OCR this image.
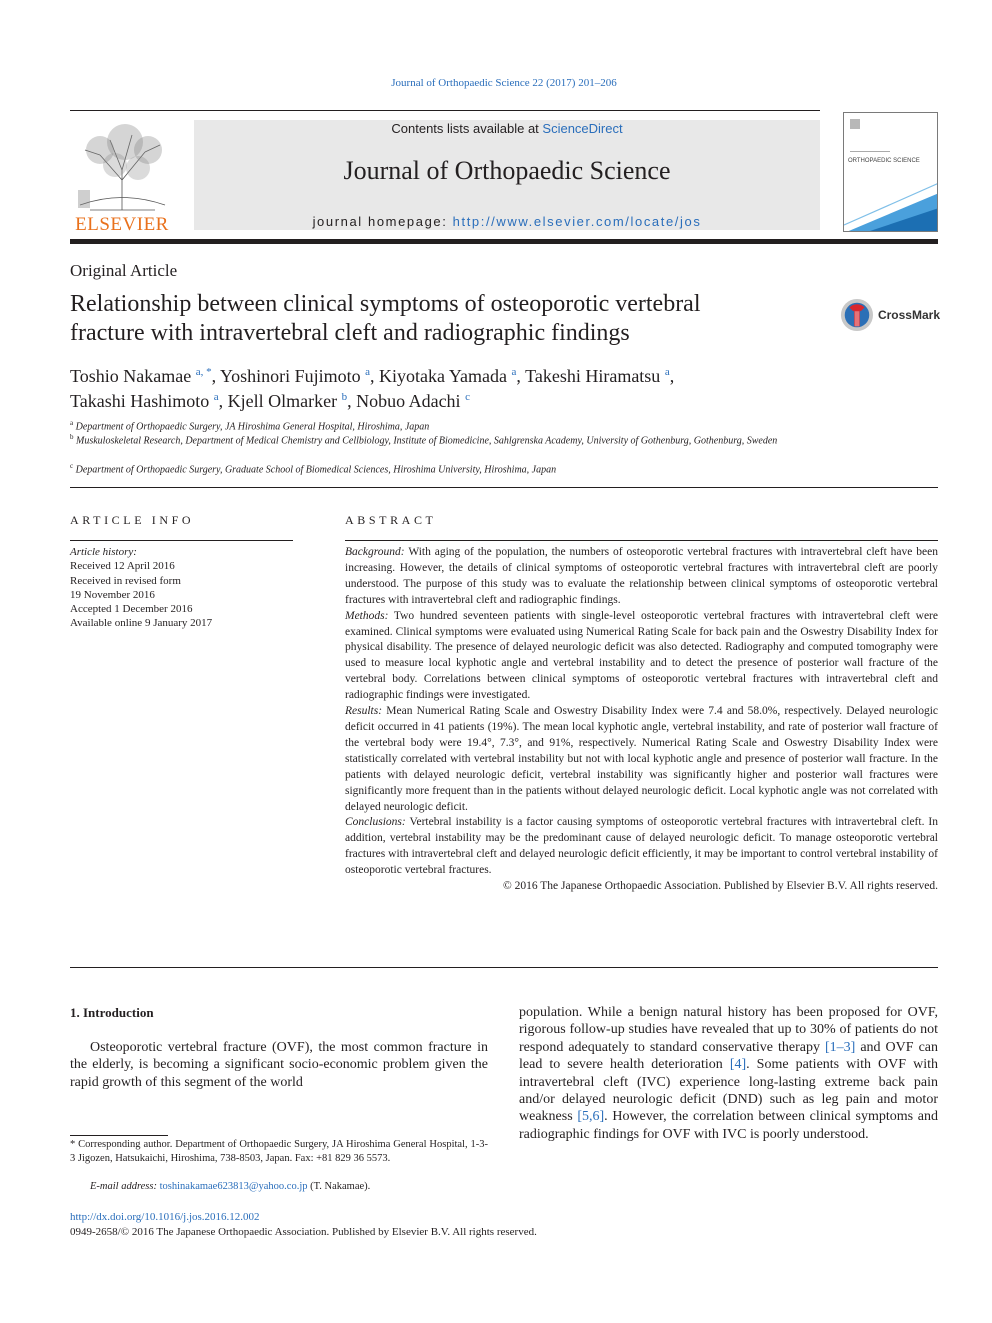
Journal of Orthopaedic Science 22 (2017) 201–206
ELSEVIER
Contents lists available at ScienceDirect
Journal of Orthopaedic Science
journal homepage: http://www.elsevier.com/locate/jos
ORTHOPAEDIC SCIENCE
Original Article
Relationship between clinical symptoms of osteoporotic vertebral
fracture with intravertebral cleft and radiographic findings
CrossMark
Toshio Nakamae $^{a, *}$, Yoshinori Fujimoto $^a$, Kiyotaka Yamada $^a$, Takeshi Hiramatsu $^a$,
Takashi Hashimoto $^a$, Kjell Olmarker $^b$, Nobuo Adachi $^c$
$^a$ Department of Orthopaedic Surgery, JA Hiroshima General Hospital, Hiroshima, Japan
$^b$ Muskuloskeletal Research, Department of Medical Chemistry and Cellbiology, Institute of Biomedicine, Sahlgrenska Academy, University of Gothenburg, Gothenburg, Sweden
$^c$ Department of Orthopaedic Surgery, Graduate School of Biomedical Sciences, Hiroshima University, Hiroshima, Japan
ARTICLE INFO
Article history:
Received 12 April 2016
Received in revised form
19 November 2016
Accepted 1 December 2016
Available online 9 January 2017
ABSTRACT

Background: With aging of the population, the numbers of osteoporotic vertebral fractures with intravertebral cleft have been increasing. However, the details of clinical symptoms of osteoporotic vertebral fractures with intravertebral cleft are poorly understood. The purpose of this study was to evaluate the relationship between clinical symptoms of osteoporotic vertebral fractures with intravertebral cleft and radiographic findings.

Methods: Two hundred seventeen patients with single-level osteoporotic vertebral fractures with intravertebral cleft were examined. Clinical symptoms were evaluated using Numerical Rating Scale for back pain and the Oswestry Disability Index for physical disability. The presence of delayed neurologic deficit was also detected. Radiography and computed tomography were used to measure local kyphotic angle and vertebral instability and to detect the presence of posterior wall fracture of the vertebral body. Correlations between clinical symptoms of osteoporotic vertebral fractures with intravertebral cleft and radiographic findings were investigated.

Results: Mean Numerical Rating Scale and Oswestry Disability Index were 7.4 and 58.0%, respectively. Delayed neurologic deficit occurred in 41 patients (19%). The mean local kyphotic angle, vertebral instability, and rate of posterior wall fracture of the vertebral body were 19.4°, 7.3°, and 91%, respectively. Numerical Rating Scale and Oswestry Disability Index were statistically correlated with vertebral instability but not with local kyphotic angle and presence of posterior wall fracture. In the patients with delayed neurologic deficit, vertebral instability was significantly higher and posterior wall fractures were significantly more frequent than in the patients without delayed neurologic deficit. Local kyphotic angle was not correlated with delayed neurologic deficit.

Conclusions: Vertebral instability is a factor causing symptoms of osteoporotic vertebral fractures with intravertebral cleft. In addition, vertebral instability may be the predominant cause of delayed neurologic deficit. To manage osteoporotic vertebral fractures with intravertebral cleft and delayed neurologic deficit efficiently, it may be important to control vertebral instability of osteoporotic vertebral fractures.

© 2016 The Japanese Orthopaedic Association. Published by Elsevier B.V. All rights reserved.

1. Introduction
Osteoporotic vertebral fracture (OVF), the most common fracture in the elderly, is becoming a significant socio-economic problem given the rapid growth of this segment of the world
population. While a benign natural history has been proposed for OVF, rigorous follow-up studies have revealed that up to 30% of patients do not respond adequately to standard conservative therapy [1–3] and OVF can lead to severe health deterioration [4]. Some patients with OVF with intravertebral cleft (IVC) experience long-lasting extreme back pain and/or delayed neurologic deficit (DND) such as leg pain and motor weakness [5,6]. However, the correlation between clinical symptoms and radiographic findings for OVF with IVC is poorly understood.
* Corresponding author. Department of Orthopaedic Surgery, JA Hiroshima General Hospital, 1-3-3 Jigozen, Hatsukaichi, Hiroshima, 738-8503, Japan. Fax: +81 829 36 5573.
E-mail address: toshinakamae623813@yahoo.co.jp (T. Nakamae).
http://dx.doi.org/10.1016/j.jos.2016.12.002
0949-2658/© 2016 The Japanese Orthopaedic Association. Published by Elsevier B.V. All rights reserved.
